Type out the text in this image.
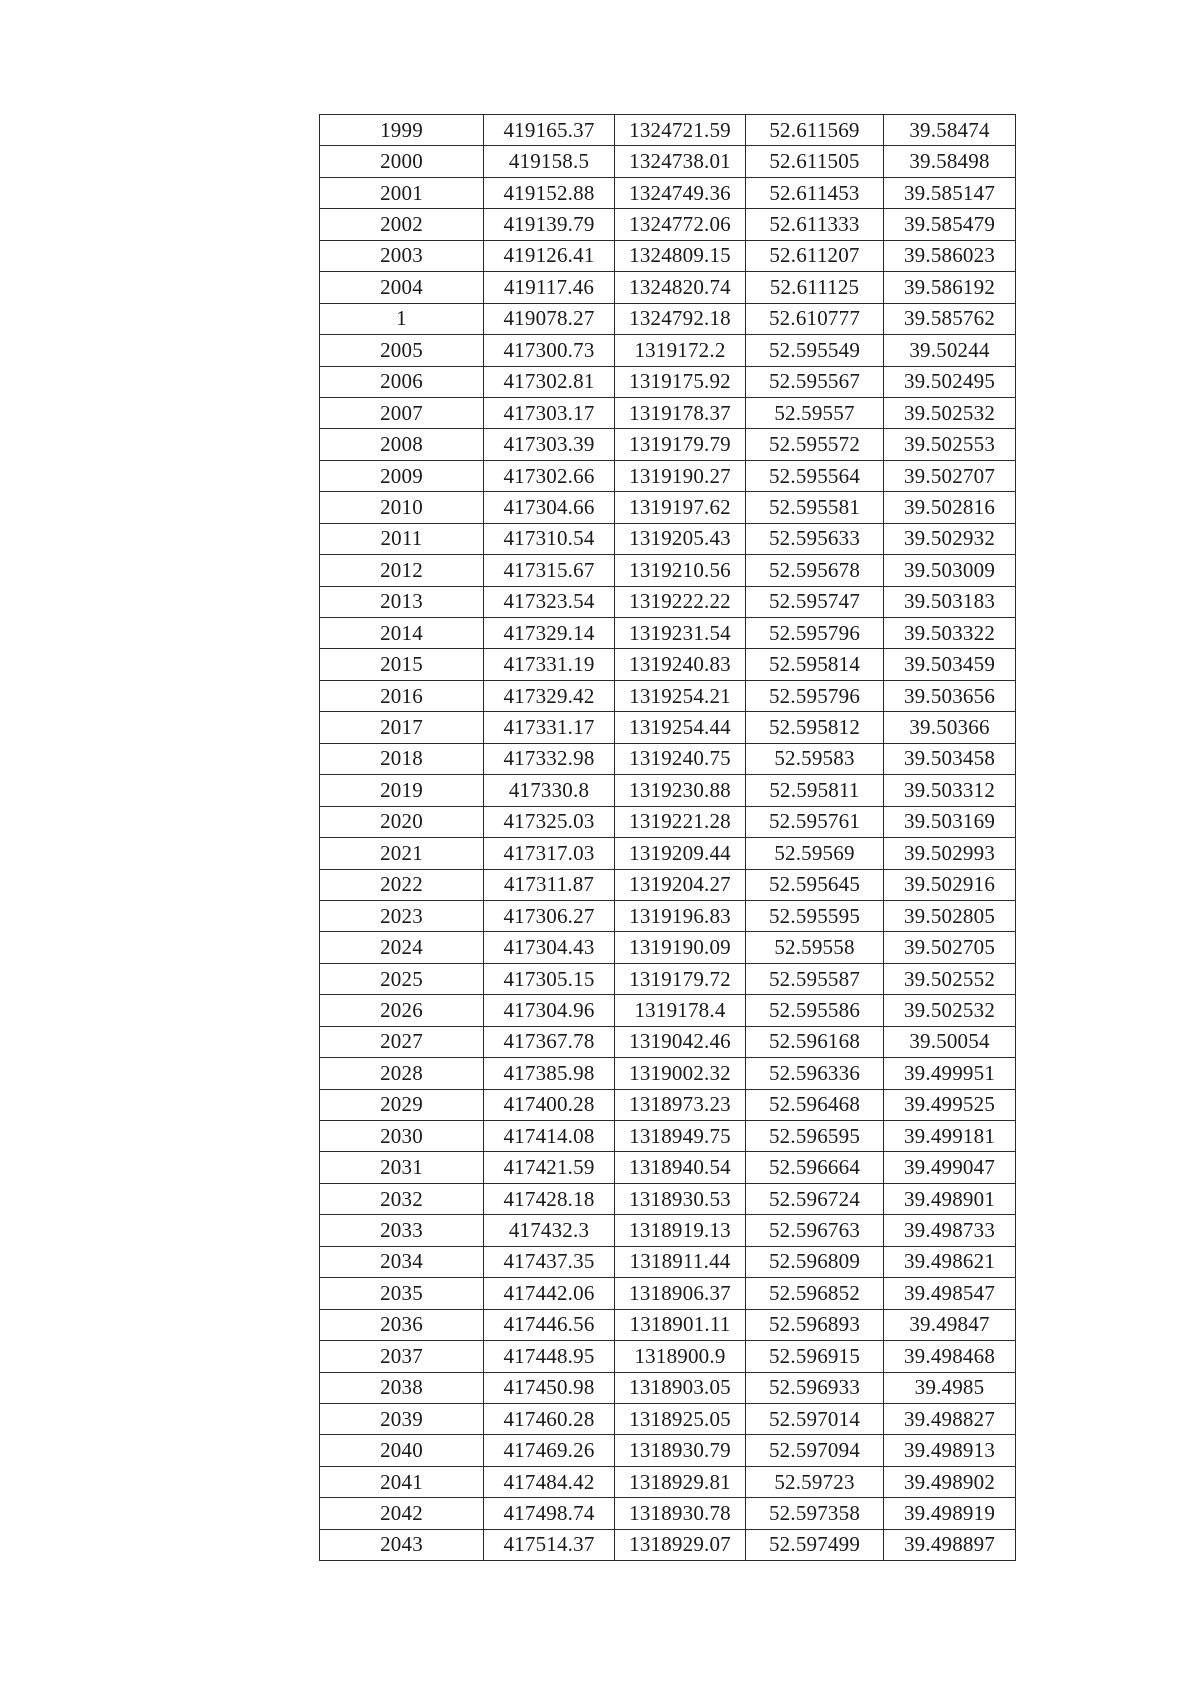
1999	419165.37	1324721.59	52.611569	39.58474
2000	419158.5	1324738.01	52.611505	39.58498
2001	419152.88	1324749.36	52.611453	39.585147
2002	419139.79	1324772.06	52.611333	39.585479
2003	419126.41	1324809.15	52.611207	39.586023
2004	419117.46	1324820.74	52.611125	39.586192
1	419078.27	1324792.18	52.610777	39.585762
2005	417300.73	1319172.2	52.595549	39.50244
2006	417302.81	1319175.92	52.595567	39.502495
2007	417303.17	1319178.37	52.59557	39.502532
2008	417303.39	1319179.79	52.595572	39.502553
2009	417302.66	1319190.27	52.595564	39.502707
2010	417304.66	1319197.62	52.595581	39.502816
2011	417310.54	1319205.43	52.595633	39.502932
2012	417315.67	1319210.56	52.595678	39.503009
2013	417323.54	1319222.22	52.595747	39.503183
2014	417329.14	1319231.54	52.595796	39.503322
2015	417331.19	1319240.83	52.595814	39.503459
2016	417329.42	1319254.21	52.595796	39.503656
2017	417331.17	1319254.44	52.595812	39.50366
2018	417332.98	1319240.75	52.59583	39.503458
2019	417330.8	1319230.88	52.595811	39.503312
2020	417325.03	1319221.28	52.595761	39.503169
2021	417317.03	1319209.44	52.59569	39.502993
2022	417311.87	1319204.27	52.595645	39.502916
2023	417306.27	1319196.83	52.595595	39.502805
2024	417304.43	1319190.09	52.59558	39.502705
2025	417305.15	1319179.72	52.595587	39.502552
2026	417304.96	1319178.4	52.595586	39.502532
2027	417367.78	1319042.46	52.596168	39.50054
2028	417385.98	1319002.32	52.596336	39.499951
2029	417400.28	1318973.23	52.596468	39.499525
2030	417414.08	1318949.75	52.596595	39.499181
2031	417421.59	1318940.54	52.596664	39.499047
2032	417428.18	1318930.53	52.596724	39.498901
2033	417432.3	1318919.13	52.596763	39.498733
2034	417437.35	1318911.44	52.596809	39.498621
2035	417442.06	1318906.37	52.596852	39.498547
2036	417446.56	1318901.11	52.596893	39.49847
2037	417448.95	1318900.9	52.596915	39.498468
2038	417450.98	1318903.05	52.596933	39.4985
2039	417460.28	1318925.05	52.597014	39.498827
2040	417469.26	1318930.79	52.597094	39.498913
2041	417484.42	1318929.81	52.59723	39.498902
2042	417498.74	1318930.78	52.597358	39.498919
2043	417514.37	1318929.07	52.597499	39.498897
